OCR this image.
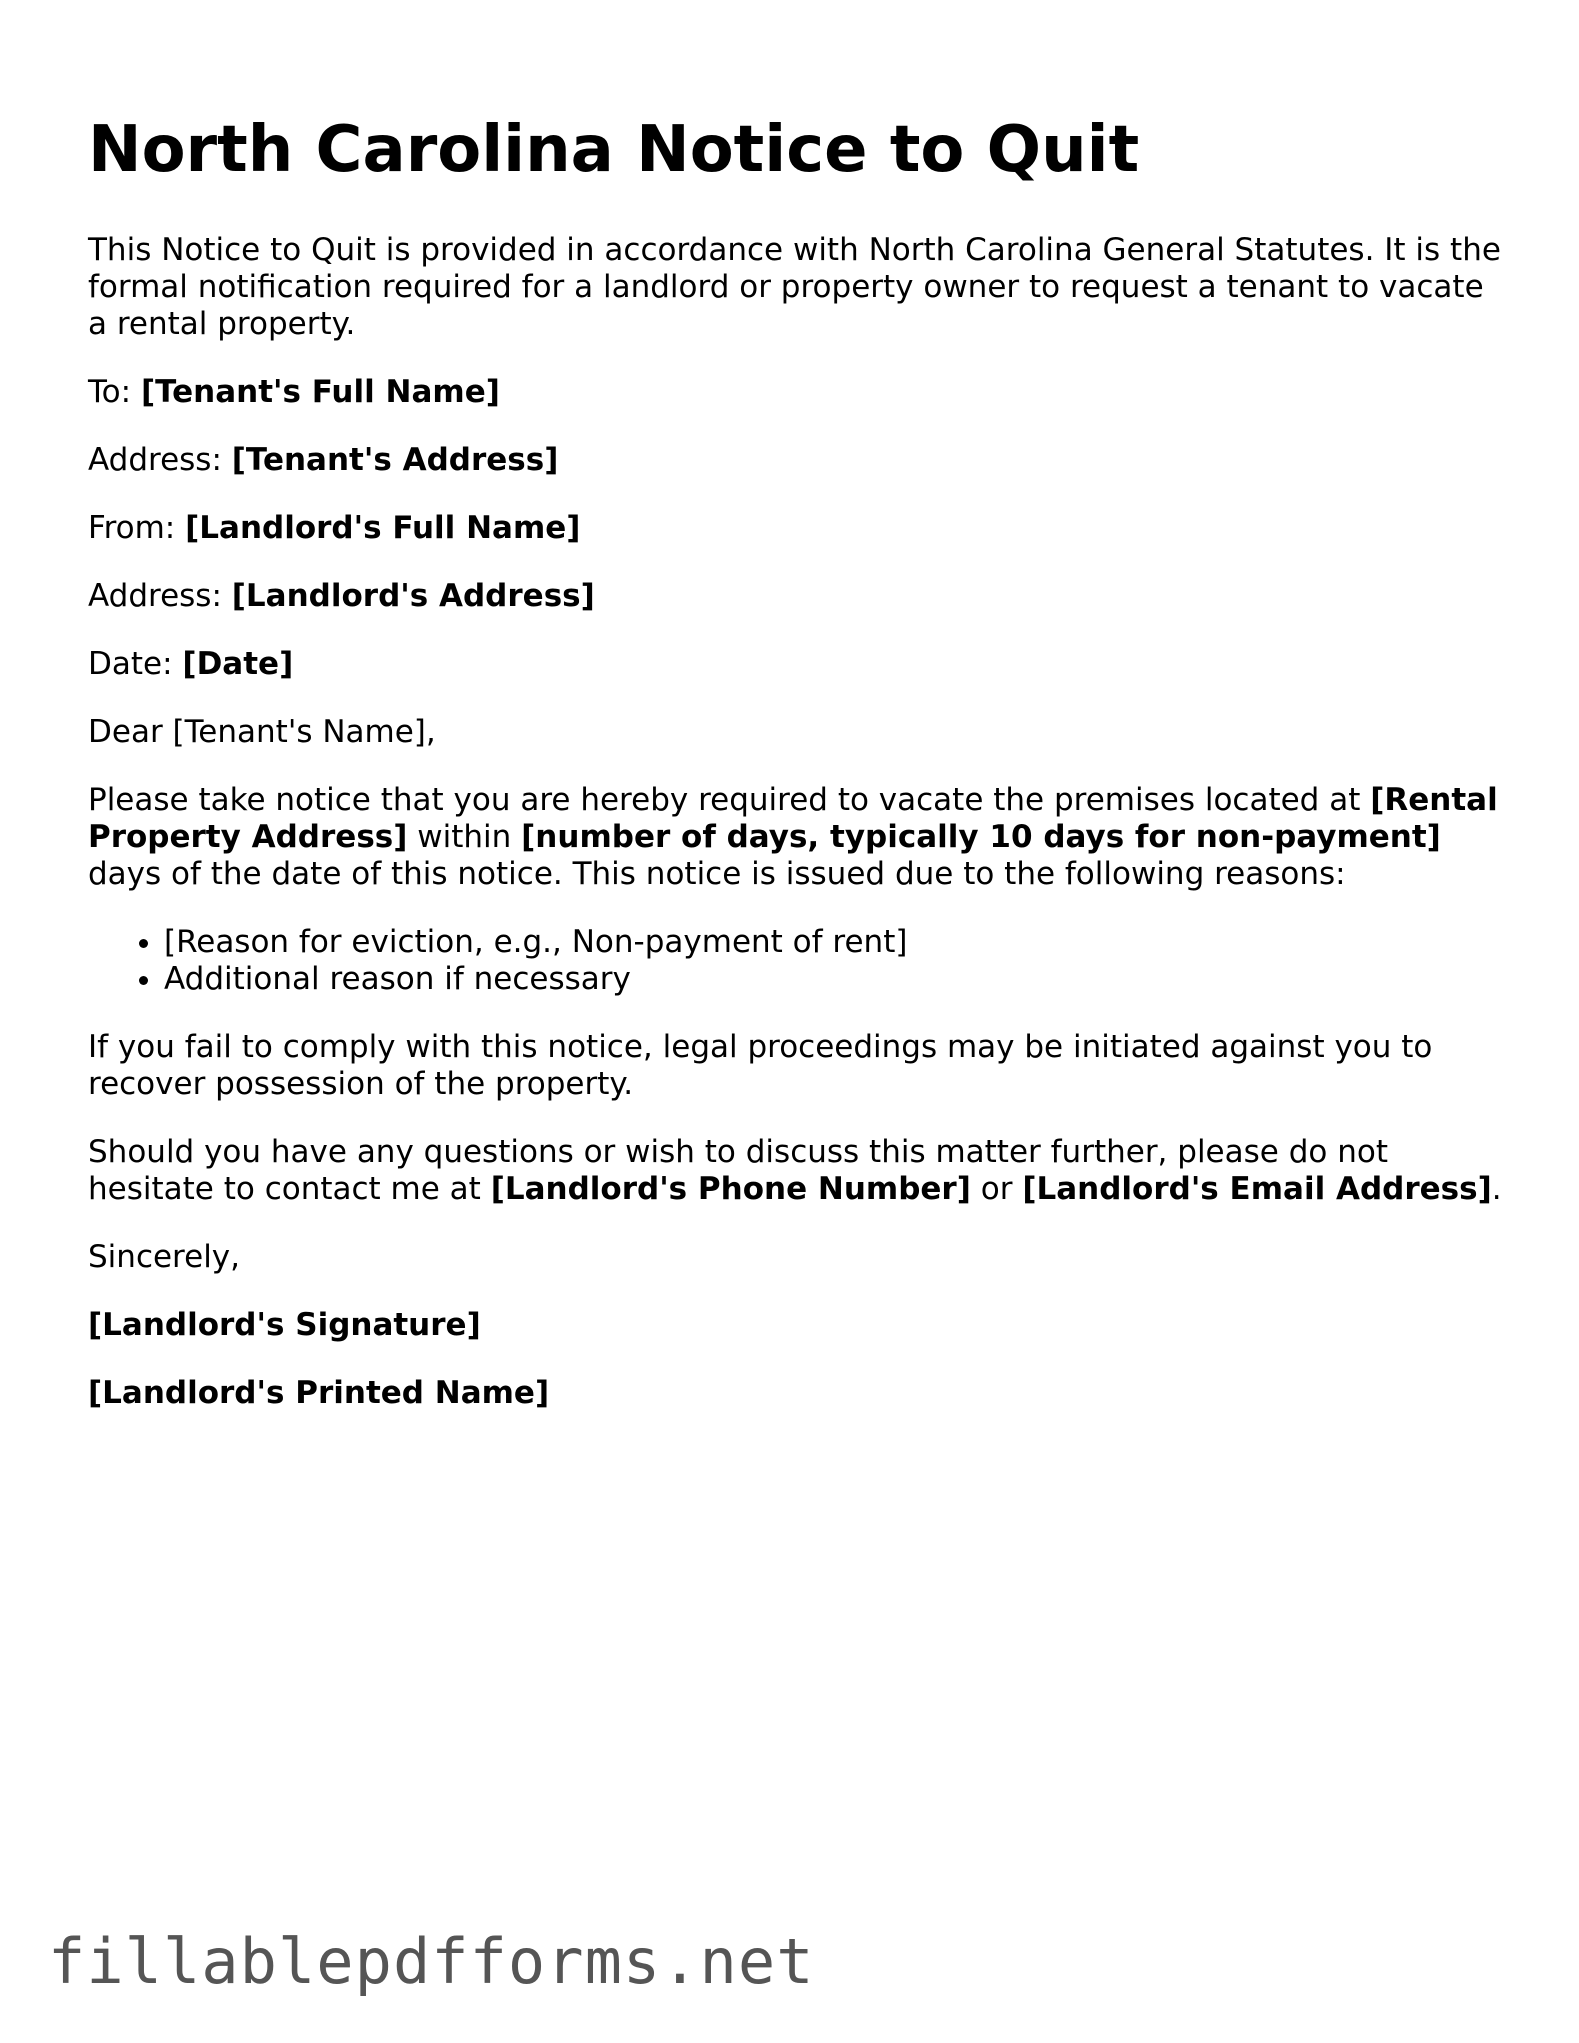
North Carolina Notice to Quit

This Notice to Quit is provided in accordance with North Carolina General Statutes. It is the formal notification required for a landlord or property owner to request a tenant to vacate a rental property.

To: [Tenant's Full Name]

Address: [Tenant's Address]

From: [Landlord's Full Name]

Address: [Landlord's Address]

Date: [Date]

Dear [Tenant's Name],

Please take notice that you are hereby required to vacate the premises located at [Rental Property Address] within [number of days, typically 10 days for non-payment] days of the date of this notice. This notice is issued due to the following reasons:

• [Reason for eviction, e.g., Non-payment of rent]
• Additional reason if necessary

If you fail to comply with this notice, legal proceedings may be initiated against you to recover possession of the property.

Should you have any questions or wish to discuss this matter further, please do not hesitate to contact me at [Landlord's Phone Number] or [Landlord's Email Address].

Sincerely,

[Landlord's Signature]

[Landlord's Printed Name]

fillablepdfforms.net
